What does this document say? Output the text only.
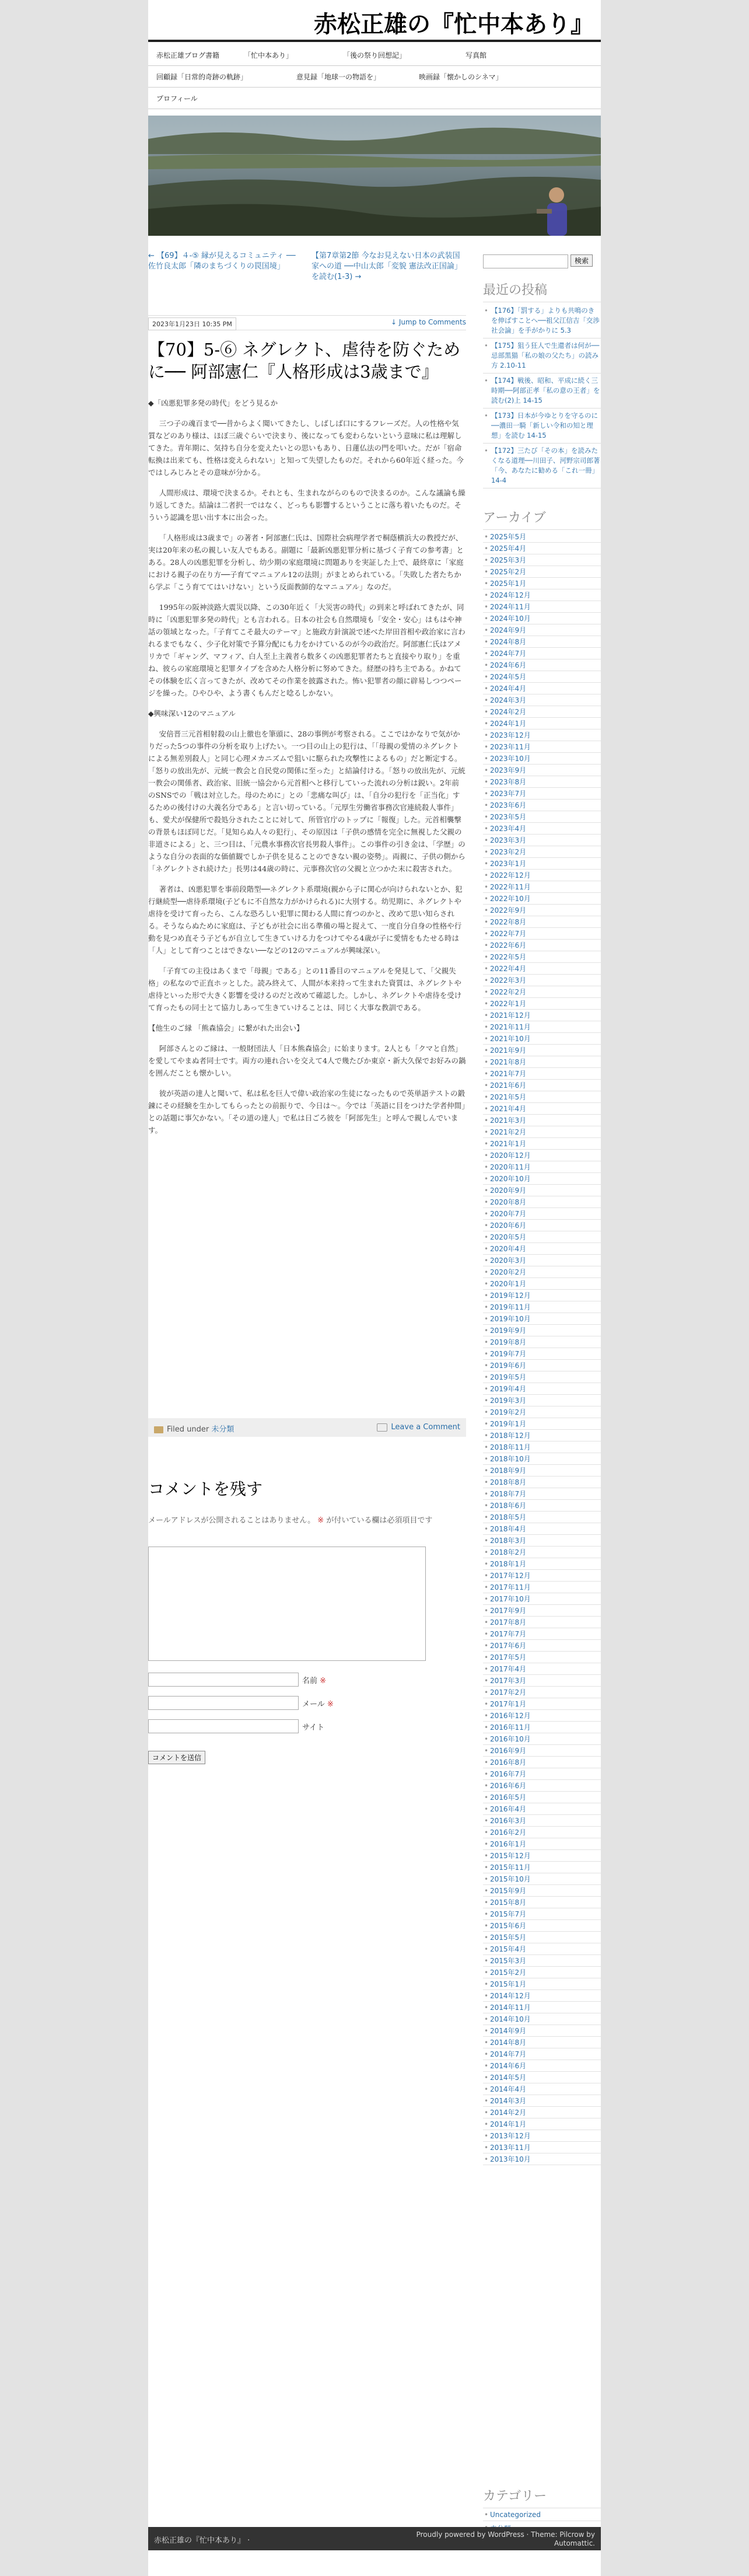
赤松正雄の『忙中本あり』
赤松正雄ブログ書籍	「忙中本あり」	「後の祭り回想記」	写真館
回顧録「日常的奇跡の軌跡」	意見録「地球一の物語を」	映画録「懐かしのシネマ」
プロフィール
← 【69】４-⑤ 縁が見えるコミュニティ ──佐竹良太郎「隣のまちづくりの罠国境」
【第7章第2節 今なお見えない日本の武装国家への道 ──中山太郎「変貌 憲法改正国論」を読む(1-3) →
2023年1月23日 10:35 PM	↓ Jump to Comments
【70】5-⑥ ネグレクト、虐待を防ぐために── 阿部憲仁『人格形成は3歳まで』

◆「凶悪犯罪多発の時代」をどう見るか

三つ子の魂百まで──昔からよく聞いてきたし、しばしば口にするフレーズだ。人の性格や気質などのあり様は、ほぼ三歳ぐらいで決まり、後になっても変わらないという意味に私は理解してきた。青年期に、気持ち自分を変えたいとの思いもあり、日蓮仏法の門を叩いた。だが「宿命転換は出来ても、性格は変えられない」と知って失望したものだ。それから60年近く経った。今ではしみじみとその意味が分かる。

人間形成は、環境で決まるか。それとも、生まれながらのもので決まるのか。こんな議論も繰り返してきた。結論は二者択一ではなく、どっちも影響するということに落ち着いたものだ。そういう認識を思い出す本に出会った。

「人格形成は3歳まで」の著者・阿部憲仁氏は、国際社会病理学者で桐蔭横浜大の教授だが、実は20年来の私の親しい友人でもある。副題に「最新凶悪犯罪分析に基づく子育ての参考書」とある。28人の凶悪犯罪を分析し、幼少期の家庭環境に問題ありを実証した上で、最終章に「家庭における親子の在り方──子育てマニュアル12の法則」がまとめられている。「失敗した者たちから学ぶ「こう育ててはいけない」という反面教師的なマニュアル」なのだ。

1995年の阪神淡路大震災以降、この30年近く「大災害の時代」の到来と呼ばれてきたが、同時に「凶悪犯罪多発の時代」とも言われる。日本の社会も自然環境も「安全・安心」はもはや神話の領域となった。「子育てこそ最大のテーマ」と施政方針演説で述べた岸田首相や政治家に言われるまでもなく、少子化対策で予算分配にも力をかけているのが今の政治だ。阿部憲仁氏はアメリカで「ギャング、マフィア、白人至上主義者ら数多くの凶悪犯罪者たちと直接やり取り」を重ね、彼らの家庭環境と犯罪タイプを含めた人格分析に努めてきた。経歴の持ち主である。かねてその体験を広く言ってきたが、改めてその作業を披露された。怖い犯罪者の顔に辟易しつつページを繰った。ひやひや、よう書くもんだと唸るしかない。

◆興味深い12のマニュアル

安倍晋三元首相射殺の山上徹也を筆頭に、28の事例が考察される。ここではかなりで気がかりだった5つの事件の分析を取り上げたい。一つ目の山上の犯行は、「「母親の愛情のネグレクトによる無差別殺人」と同じ心理メカニズムで狙いに駆られた攻撃性によるもの」だと断定する。「怒りの放出先が、元統一教会と自民党の関係に至った」と結論付ける。「怒りの放出先が、元統一教会の関係者、政治家、旧統一協会から元首相へと移行していった流れの分析は鋭い。2年前のSNSでの「戦は対立した。母のために」との「悲痛な叫び」は、「自分の犯行を「正当化」するための後付けの大義名分である」と言い切っている。「元厚生労働省事務次官連続殺人事件」も、愛犬が保健所で殺処分されたことに対して、所管官庁のトップに「報復」した。元首相襲撃の背景もほぼ同じだ。「見知らぬ人々の犯行」、その原因は「子供の感情を完全に無視した父親の非道さによる」と、三つ目は、「元農水事務次官長男殺人事件」。この事件の引き金は、「学歴」のような自分の表面的な価値観でしか子供を見ることのできない親の姿勢」。両親に、子供の側から「ネグレクトされ続けた」長男は44歳の時に、元事務次官の父親と立つかた末に殺害された。

著者は、凶悪犯罪を事前段階型──ネグレクト系環境(親から子に関心が向けられないとか、犯行継続型──虐待系環境(子どもに不自然な力がかけられる)に大別する。幼児期に、ネグレクトや虐待を受けて育ったら、こんな恐ろしい犯罪に関わる人間に育つのかと、改めて思い知らされる。そうならぬために家庭は、子どもが社会に出る準備の場と捉えて、一度自分自身の性格や行動を見つめ直そう子どもが自立して生きていける力をつけてやる4歳が子に愛情をもたせる時は「人」として育つことはできない──などの12のマニュアルが興味深い。

「子育ての主役はあくまで「母親」である」との11番目のマニュアルを発見して、「父親失格」の私なので正直ホッとした。読み終えて、人間が本来持って生まれた資質は、ネグレクトや虐待といった形で大きく影響を受けるのだと改めて確認した。しかし、ネグレクトや虐待を受けて育ったもの同士とて協力しあって生きていけることは、同じく大事な教訓である。

【他生のご縁 「熊森協会」に繋がれた出会い】

阿部さんとのご縁は、一般財団法人「日本熊森協会」に始まります。2人とも「クマと自然」を愛してやまぬ者同士です。両方の連れ合いを交えて4人で幾たびか東京・新大久保でお好みの鍋を囲んだことも懐かしい。

彼が英語の達人と聞いて、私は私を巨人で偉い政治家の生徒になったもので英単語テストの鍛錬にその経験を生かしてもらったとの前振りで、今日は〜。今では「英語に目をつけた学者仲間」との話題に事欠かない。「その道の達人」で私は日ごろ彼を「阿部先生」と呼んで親しんでいます。

Filed under 未分類	Leave a Comment
コメントを残す
メールアドレスが公開されることはありません。 ※ が付いている欄は必須項目です
名前 ※
メール ※
サイト
コメントを送信
検索
最近の投稿
• 【176】「罰する」よりも共鳴のきを伸ばすことへ──祖父江信吉「交渉社会論」を手がかりに 5.3
• 【175】狙う狂人で生還者は何が──忌部黒猫「私の娘の父たち」の読み方 2.10-11
• 【174】戦後、昭和、平成に続く三時期──阿部正孝「私の意の王者」を読む(2)上 14-15
• 【173】日本が今ゆとりを守るのに──濃田一騎「新しい令和の知と理想」を読む 14-15
• 【172】三たび「その本」を読みたくなる道理──川田子、河野宗司郎著「今、あなたに勧める「これ一冊」 14-4
アーカイブ
• 2025年5月
• 2025年4月
• 2025年3月
• 2025年2月
• 2025年1月
• 2024年12月
• 2024年11月
• 2024年10月
• 2024年9月
• 2024年8月
• 2024年7月
• 2024年6月
• 2024年5月
• 2024年4月
• 2024年3月
• 2024年2月
• 2024年1月
• 2023年12月
• 2023年11月
• 2023年10月
• 2023年9月
• 2023年8月
• 2023年7月
• 2023年6月
• 2023年5月
• 2023年4月
• 2023年3月
• 2023年2月
• 2023年1月
• 2022年12月
• 2022年11月
• 2022年10月
• 2022年9月
• 2022年8月
• 2022年7月
• 2022年6月
• 2022年5月
• 2022年4月
• 2022年3月
• 2022年2月
• 2022年1月
• 2021年12月
• 2021年11月
• 2021年10月
• 2021年9月
• 2021年8月
• 2021年7月
• 2021年6月
• 2021年5月
• 2021年4月
• 2021年3月
• 2021年2月
• 2021年1月
• 2020年12月
• 2020年11月
• 2020年10月
• 2020年9月
• 2020年8月
• 2020年7月
• 2020年6月
• 2020年5月
• 2020年4月
• 2020年3月
• 2020年2月
• 2020年1月
• 2019年12月
• 2019年11月
• 2019年10月
• 2019年9月
• 2019年8月
• 2019年7月
• 2019年6月
• 2019年5月
• 2019年4月
• 2019年3月
• 2019年2月
• 2019年1月
• 2018年12月
• 2018年11月
• 2018年10月
• 2018年9月
• 2018年8月
• 2018年7月
• 2018年6月
• 2018年5月
• 2018年4月
• 2018年3月
• 2018年2月
• 2018年1月
• 2017年12月
• 2017年11月
• 2017年10月
• 2017年9月
• 2017年8月
• 2017年7月
• 2017年6月
• 2017年5月
• 2017年4月
• 2017年3月
• 2017年2月
• 2017年1月
• 2016年12月
• 2016年11月
• 2016年10月
• 2016年9月
• 2016年8月
• 2016年7月
• 2016年6月
• 2016年5月
• 2016年4月
• 2016年3月
• 2016年2月
• 2016年1月
• 2015年12月
• 2015年11月
• 2015年10月
• 2015年9月
• 2015年8月
• 2015年7月
• 2015年6月
• 2015年5月
• 2015年4月
• 2015年3月
• 2015年2月
• 2015年1月
• 2014年12月
• 2014年11月
• 2014年10月
• 2014年9月
• 2014年8月
• 2014年7月
• 2014年6月
• 2014年5月
• 2014年4月
• 2014年3月
• 2014年2月
• 2014年1月
• 2013年12月
• 2013年11月
• 2013年10月
カテゴリー
• Uncategorized
•
赤松正雄の『忙中本あり』 ·
Proudly powered by WordPress · Theme: Pilcrow by
Automattic.
